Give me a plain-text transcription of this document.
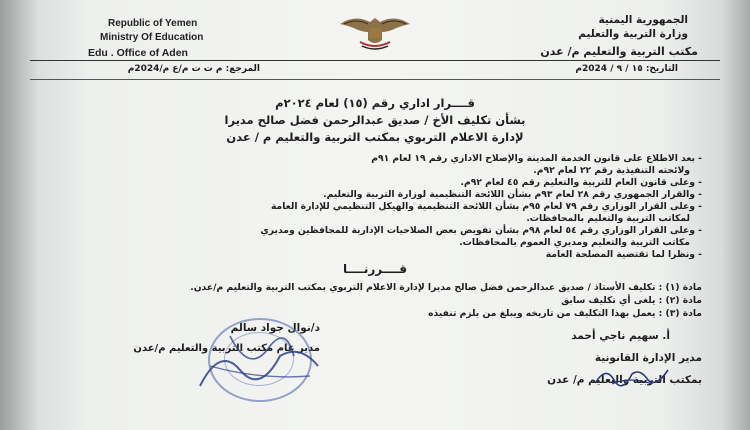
Republic of Yemen
Ministry Of Education
Edu . Office of Aden
المرجع: م ت ت م/ع م/2024م
الجمهورية اليمنية
وزارة التربية والتعليم
مكتب التربية والتعليم م/ عدن
التاريخ: ١٥ / ٩ / 2024م
قــــرار اداري رقم (١٥) لعام ٢٠٢٤م
بشأن تكليف الأخ / صديق عبدالرحمن فضل صالح مديرا
لإدارة الاعلام التربوي بمكتب التربية والتعليم م / عدن
- بعد الاطلاع على قانون الخدمة المدينة والإصلاح الاداري رقم ١٩ لعام ٩١م
ولائحته التنفيذية رقم ٢٢ لعام ٩٢م.
- وعلى قانون العام للتربية والتعليم رقم ٤٥ لعام ٩٢م.
- والقرار الجمهوري رقم ٢٨ لعام ٩٣م بشأن اللائحة التنظيمية لوزارة التربية والتعليم.
- وعلى القرار الوزاري رقم ٧٩ لعام ٩٥م بشأن اللائحة التنظيمية والهيكل التنظيمي للإدارة العامة
لمكاتب التربية والتعليم بالمحافظات.
- وعلى القرار الوزاري رقم ٥٤ لعام ٩٨م بشأن تفويض بعض الصلاحيات الإدارية للمحافظين ومديري
مكاتب التربية والتعليم ومديري العموم بالمحافظات.
- ونظرا لما تقتضية المصلحة العامة
قــــررنــــا
مادة (١) : تكليف الأستاذ / صديق عبدالرحمن فضل صالح مديرا لإدارة الاعلام التربوي بمكتب التربية والتعليم م/عدن.
مادة (٢) : يلغى أي تكليف سابق
مادة (٣) : يعمل بهذا التكليف من تاريخه ويبلغ من يلزم تنفيذه
أ. سهيم ناجي أحمد
مدير الإدارة القانونية
بمكتب التربية والتعليم م/ عدن
د/نوال جواد سالم
مدير عام مكتب التربية والتعليم م/عدن
